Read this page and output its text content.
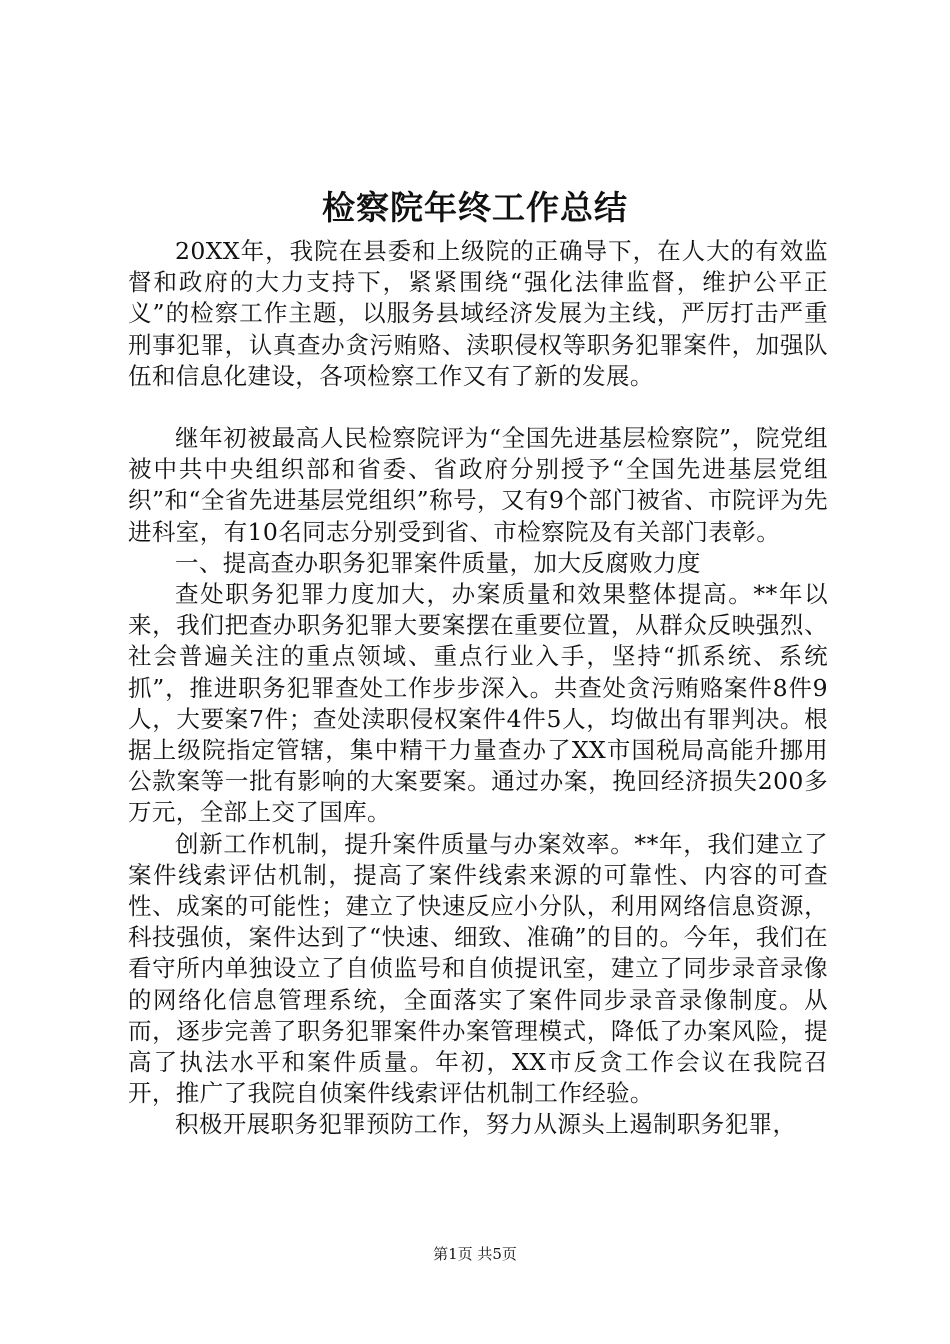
检察院年终工作总结

20XX年，我院在县委和上级院的正确导下，在人大的有效监督和政府的大力支持下，紧紧围绕“强化法律监督，维护公平正义”的检察工作主题，以服务县域经济发展为主线，严厉打击严重刑事犯罪，认真查办贪污贿赂、渎职侵权等职务犯罪案件，加强队伍和信息化建设，各项检察工作又有了新的发展。

继年初被最高人民检察院评为“全国先进基层检察院”，院党组被中共中央组织部和省委、省政府分别授予“全国先进基层党组织”和“全省先进基层党组织”称号，又有9个部门被省、市院评为先进科室，有10名同志分别受到省、市检察院及有关部门表彰。

一、提高查办职务犯罪案件质量，加大反腐败力度

查处职务犯罪力度加大，办案质量和效果整体提高。**年以来，我们把查办职务犯罪大要案摆在重要位置，从群众反映强烈、社会普遍关注的重点领域、重点行业入手，坚持“抓系统、系统抓”，推进职务犯罪查处工作步步深入。共查处贪污贿赂案件8件9人，大要案7件；查处渎职侵权案件4件5人，均做出有罪判决。根据上级院指定管辖，集中精干力量查办了XX市国税局高能升挪用公款案等一批有影响的大案要案。通过办案，挽回经济损失200多万元，全部上交了国库。

创新工作机制，提升案件质量与办案效率。**年，我们建立了案件线索评估机制，提高了案件线索来源的可靠性、内容的可查性、成案的可能性；建立了快速反应小分队，利用网络信息资源，科技强侦，案件达到了“快速、细致、准确”的目的。今年，我们在看守所内单独设立了自侦监号和自侦提讯室，建立了同步录音录像的网络化信息管理系统，全面落实了案件同步录音录像制度。从而，逐步完善了职务犯罪案件办案管理模式，降低了办案风险，提高了执法水平和案件质量。年初，XX市反贪工作会议在我院召开，推广了我院自侦案件线索评估机制工作经验。

积极开展职务犯罪预防工作，努力从源头上遏制职务犯罪，

第1页 共5页
